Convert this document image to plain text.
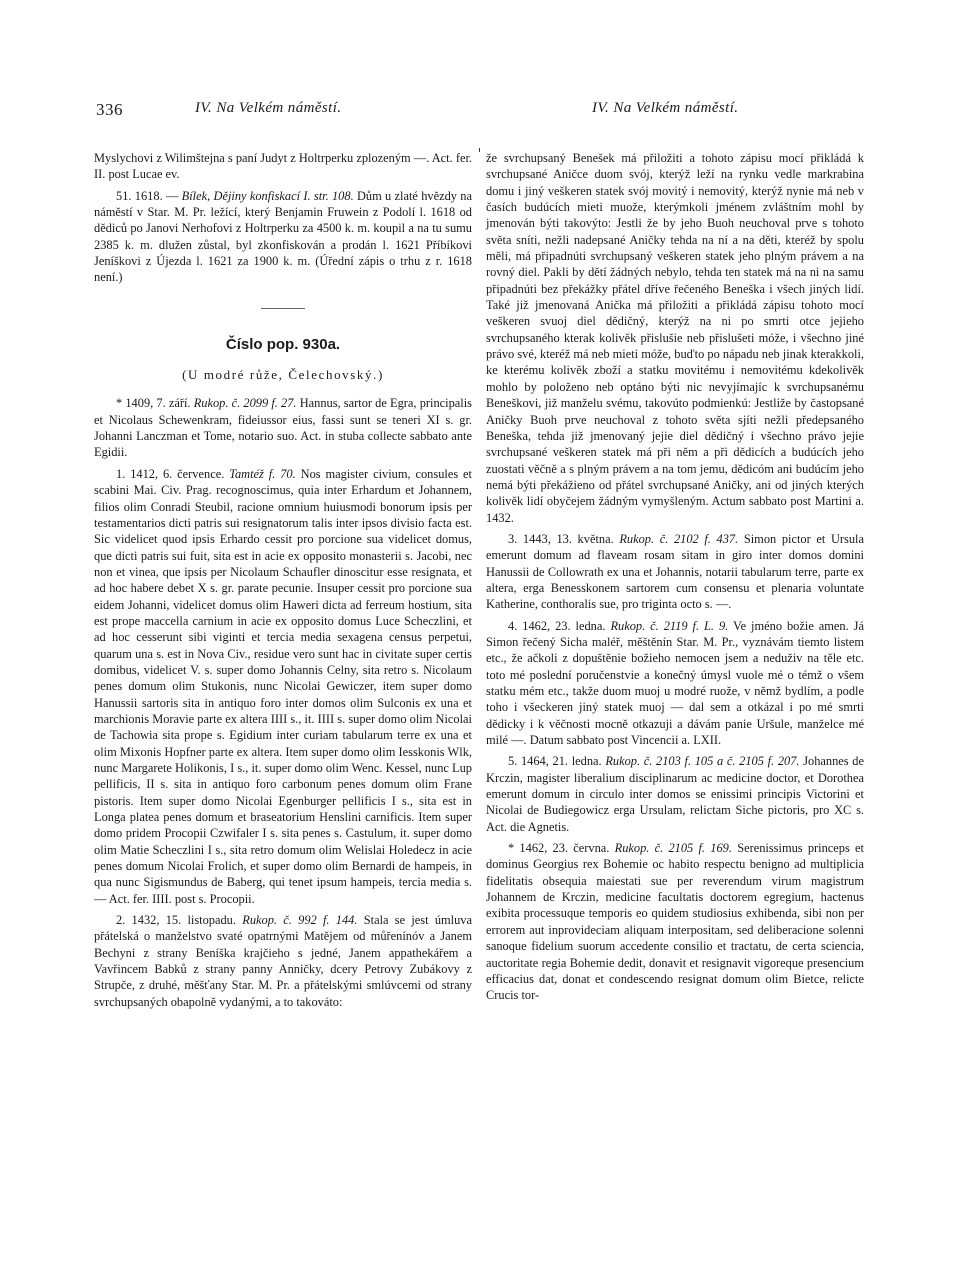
336	IV. Na Velkém náměstí.	IV. Na Velkém náměstí.

Myslychovi z Wilimštejna s paní Judyt z Holtrperku zplozeným —. Act. fer. II. post Lucae ev.

51. 1618. — Bílek, Dějiny konfiskací I. str. 108. Dům u zlaté hvězdy na náměstí v Star. M. Pr. ležící, který Benjamin Fruwein z Podolí l. 1618 od dědiců po Janovi Nerhofovi z Holtrperku za 4500 k. m. koupil a na tu sumu 2385 k. m. dlužen zůstal, byl zkonfiskován a prodán l. 1621 Příbíkovi Jeníškovi z Újezda l. 1621 za 1900 k. m. (Úřední zápis o trhu z r. 1618 není.)

Číslo pop. 930a.
(U modré růže, Čelechovský.)

* 1409, 7. září. Rukop. č. 2099 f. 27. Hannus, sartor de Egra, principalis et Nicolaus Schewenkram, fideiussor eius, fassi sunt se teneri XI s. gr. Johanni Lanczman et Tome, notario suo. Act. in stuba collecte sabbato ante Egidii.

1. 1412, 6. července. Tamtéž f. 70. Nos magister civium, consules et scabini Mai. Civ. Prag. recognoscimus, quia inter Erhardum et Johannem, filios olim Conradi Steubil, racione omnium huiusmodi bonorum ipsis per testamentarios dicti patris sui resignatorum talis inter ipsos divisio facta est. Sic videlicet quod ipsis Erhardo cessit pro porcione sua videlicet domus, que dicti patris sui fuit, sita est in acie ex opposito monasterii s. Jacobi, nec non et vinea, que ipsis per Nicolaum Schaufler dinoscitur esse resignata, et ad hoc habere debet X s. gr. parate pecunie. Insuper cessit pro porcione sua eidem Johanni, videlicet domus olim Haweri dicta ad ferreum hostium, sita est prope maccella carnium in acie ex opposito domus Luce Scheczlini, et ad hoc cesserunt sibi viginti et tercia media sexagena census perpetui, quarum una s. est in Nova Civ., residue vero sunt hac in civitate super certis domibus, videlicet V. s. super domo Johannis Celny, sita retro s. Nicolaum penes domum olim Stukonis, nunc Nicolai Gewiczer, item super domo Hanussii sartoris sita in antiquo foro inter domos olim Sulconis ex una et marchionis Moravie parte ex altera IIII s., it. IIII s. super domo olim Nicolai de Tachowia sita prope s. Egidium inter curiam tabularum terre ex una et olim Mixonis Hopfner parte ex altera. Item super domo olim Iesskonis Wlk, nunc Margarete Holikonis, I s., it. super domo olim Wenc. Kessel, nunc Lup pellificis, II s. sita in antiquo foro carbonum penes domum olim Frane pistoris. Item super domo Nicolai Egenburger pellificis I s., sita est in Longa platea penes domum et braseatorium Henslini carnificis. Item super domo pridem Procopii Czwifaler I s. sita penes s. Castulum, it. super domo olim Matie Scheczlini I s., sita retro domum olim Welislai Holedecz in acie penes domum Nicolai Frolich, et super domo olim Bernardi de hampeis, in qua nunc Sigismundus de Baberg, qui tenet ipsum hampeis, tercia media s. — Act. fer. IIII. post s. Procopii.

2. 1432, 15. listopadu. Rukop. č. 992 f. 144. Stala se jest úmluva přátelská o manželstvo svaté opatrnými Matějem od můřenínóv a Janem Bechyni z strany Beníška krajčieho s jedné, Janem appathekářem a Vavřincem Babků z strany panny Anničky, dcery Petrovy Zubákovy z Strupče, z druhé, měšťany Star. M. Pr. a přátelskými smlúvcemi od strany svrchupsaných obapolně vydanými, a to takováto:

že svrchupsaný Benešek má přiložiti a tohoto zápisu mocí přikládá k svrchupsané Aničce duom svój, kterýž leží na rynku vedle markrabina domu i jiný veškeren statek svój movitý i nemovitý, kterýž nynie má neb v časích budúcích mieti muože, kterýmkoli jménem zvláštním mohl by jmenován býti takovýto: Jestli že by jeho Buoh neuchoval prve s tohoto světa sníti, nežli nadepsané Aničky tehda na ní a na děti, kteréž by spolu měli, má připadnúti svrchupsaný veškeren statek jeho plným právem a na rovný diel. Pakli by dětí žádných nebylo, tehda ten statek má na ni na samu připadnúti bez překážky přátel dříve řečeného Beneška i všech jiných lidí. Také již jmenovaná Anička má přiložiti a přikládá zápisu tohoto mocí veškeren svuoj diel dědičný, kterýž na ni po smrti otce jejieho svrchupsaného kterak kolivěk přislušie neb přislušeti móže, i všechno jiné právo své, kteréž má neb mieti móže, buďto po nápadu neb jinak kterakkoli, ke kterému kolivěk zboží a statku movitému i nemovitému kdekolivěk mohlo by položeno neb optáno býti nic nevyjímajíc k svrchupsanému Beneškovi, již manželu svému, takovúto podmienkú: Jestliže by častopsané Aničky Buoh prve neuchoval z tohoto světa sjíti nežli předepsaného Beneška, tehda již jmenovaný jejie diel dědičný i všechno právo jejie svrchupsané veškeren statek má při něm a při dědicích a budúcích jeho zuostati věčně a s plným právem a na tom jemu, dědicóm ani budúcím jeho nemá býti překážieno od přátel svrchupsané Aničky, ani od jiných kterých kolivěk lidí obyčejem žádným vymyšleným. Actum sabbato post Martini a. 1432.

3. 1443, 13. května. Rukop. č. 2102 f. 437. Simon pictor et Ursula emerunt domum ad flaveam rosam sitam in giro inter domos domini Hanussii de Collowrath ex una et Johannis, notarii tabularum terre, parte ex altera, erga Benesskonem sartorem cum consensu et plenaria voluntate Katherine, conthoralis sue, pro triginta octo s. —.

4. 1462, 23. ledna. Rukop. č. 2119 f. L. 9. Ve jméno božie amen. Já Simon řečený Sicha maléř, měštěnín Star. M. Pr., vyznávám tiemto listem etc., že ačkoli z dopuštěnie božieho nemocen jsem a neduživ na těle etc. toto mé poslední poručenstvie a konečný úmysl vuole mé o témž o všem statku mém etc., takže duom muoj u modré ruože, v němž bydlím, a podle toho i všeckeren jiný statek muoj — dal sem a otkázal i po mé smrti dědicky i k věčnosti mocně otkazuji a dávám panie Uršule, manželce mé milé —. Datum sabbato post Vincencii a. LXII.

5. 1464, 21. ledna. Rukop. č. 2103 f. 105 a č. 2105 f. 207. Johannes de Krczin, magister liberalium disciplinarum ac medicine doctor, et Dorothea emerunt domum in circulo inter domos se enissimi principis Victorini et Nicolai de Budiegowicz erga Ursulam, relictam Siche pictoris, pro XC s. Act. die Agnetis.

* 1462, 23. června. Rukop. č. 2105 f. 169. Serenissimus princeps et dominus Georgius rex Bohemie oc habito respectu benigno ad multiplicia fidelitatis obsequia maiestati sue per reverendum virum magistrum Johannem de Krczin, medicine facultatis doctorem egregium, hactenus exibita processuque temporis eo quidem studiosius exhibenda, sibi non per errorem aut inprovideciam aliquam interpositam, sed deliberacione solenni sanoque fidelium suorum accedente consilio et tractatu, de certa sciencia, auctoritate regia Bohemie dedit, donavit et resignavit vigoreque presencium efficacius dat, donat et condescendo resignat domum olim Bietce, relicte Crucis tor-
